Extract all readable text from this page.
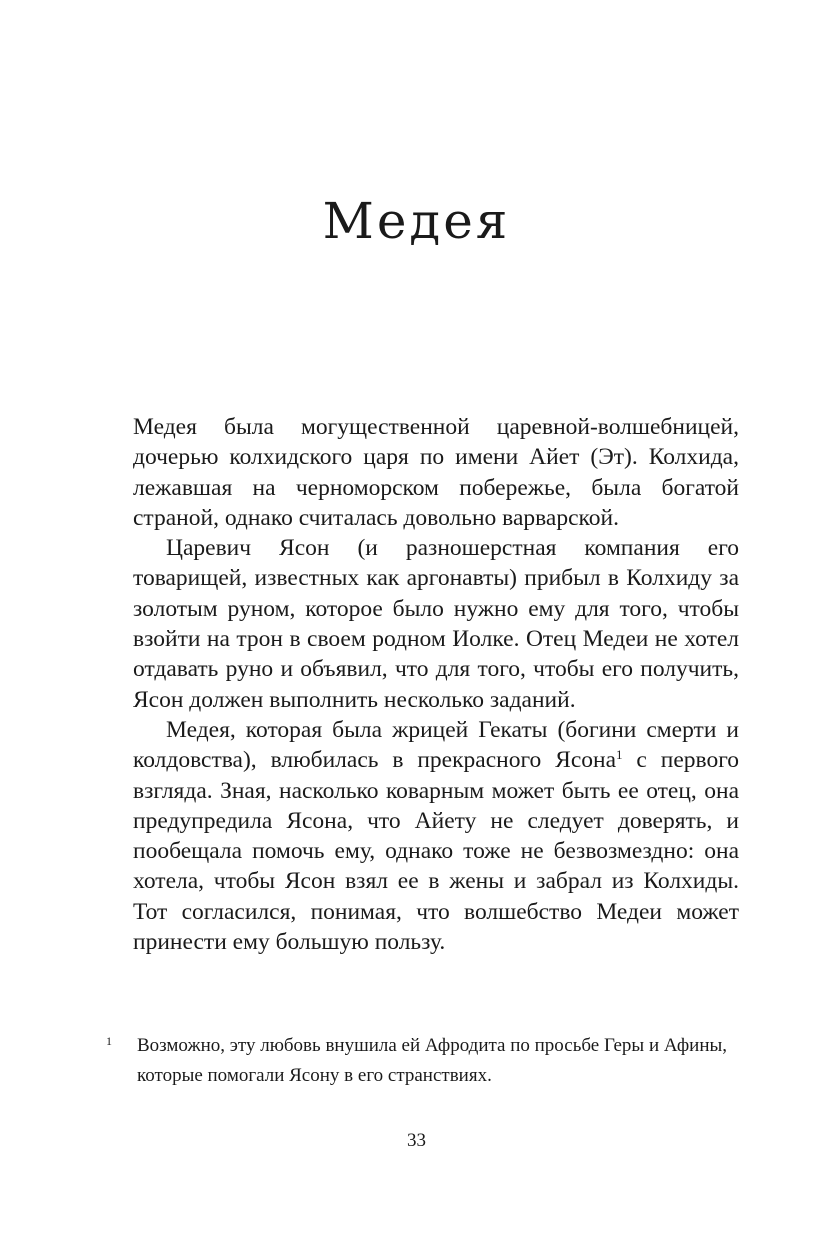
Медея

Медея была могущественной царевной-волшебницей, дочерью колхидского царя по имени Айет (Эт). Колхида, лежавшая на черноморском побережье, была богатой страной, однако считалась довольно варварской.

Царевич Ясон (и разношерстная компания его товарищей, известных как аргонавты) прибыл в Колхиду за золотым руном, которое было нужно ему для того, чтобы взойти на трон в своем родном Иолке. Отец Медеи не хотел отдавать руно и объявил, что для того, чтобы его получить, Ясон должен выполнить несколько заданий.

Медея, которая была жрицей Гекаты (богини смерти и колдовства), влюбилась в прекрасного Ясона$^1$ с первого взгляда. Зная, насколько коварным может быть ее отец, она предупредила Ясона, что Айету не следует доверять, и пообещала помочь ему, однако тоже не безвозмездно: она хотела, чтобы Ясон взял ее в жены и забрал из Колхиды. Тот согласился, понимая, что волшебство Медеи может принести ему большую пользу.

1	Возможно, эту любовь внушила ей Афродита по просьбе Геры и Афины, которые помогали Ясону в его странствиях.
33
